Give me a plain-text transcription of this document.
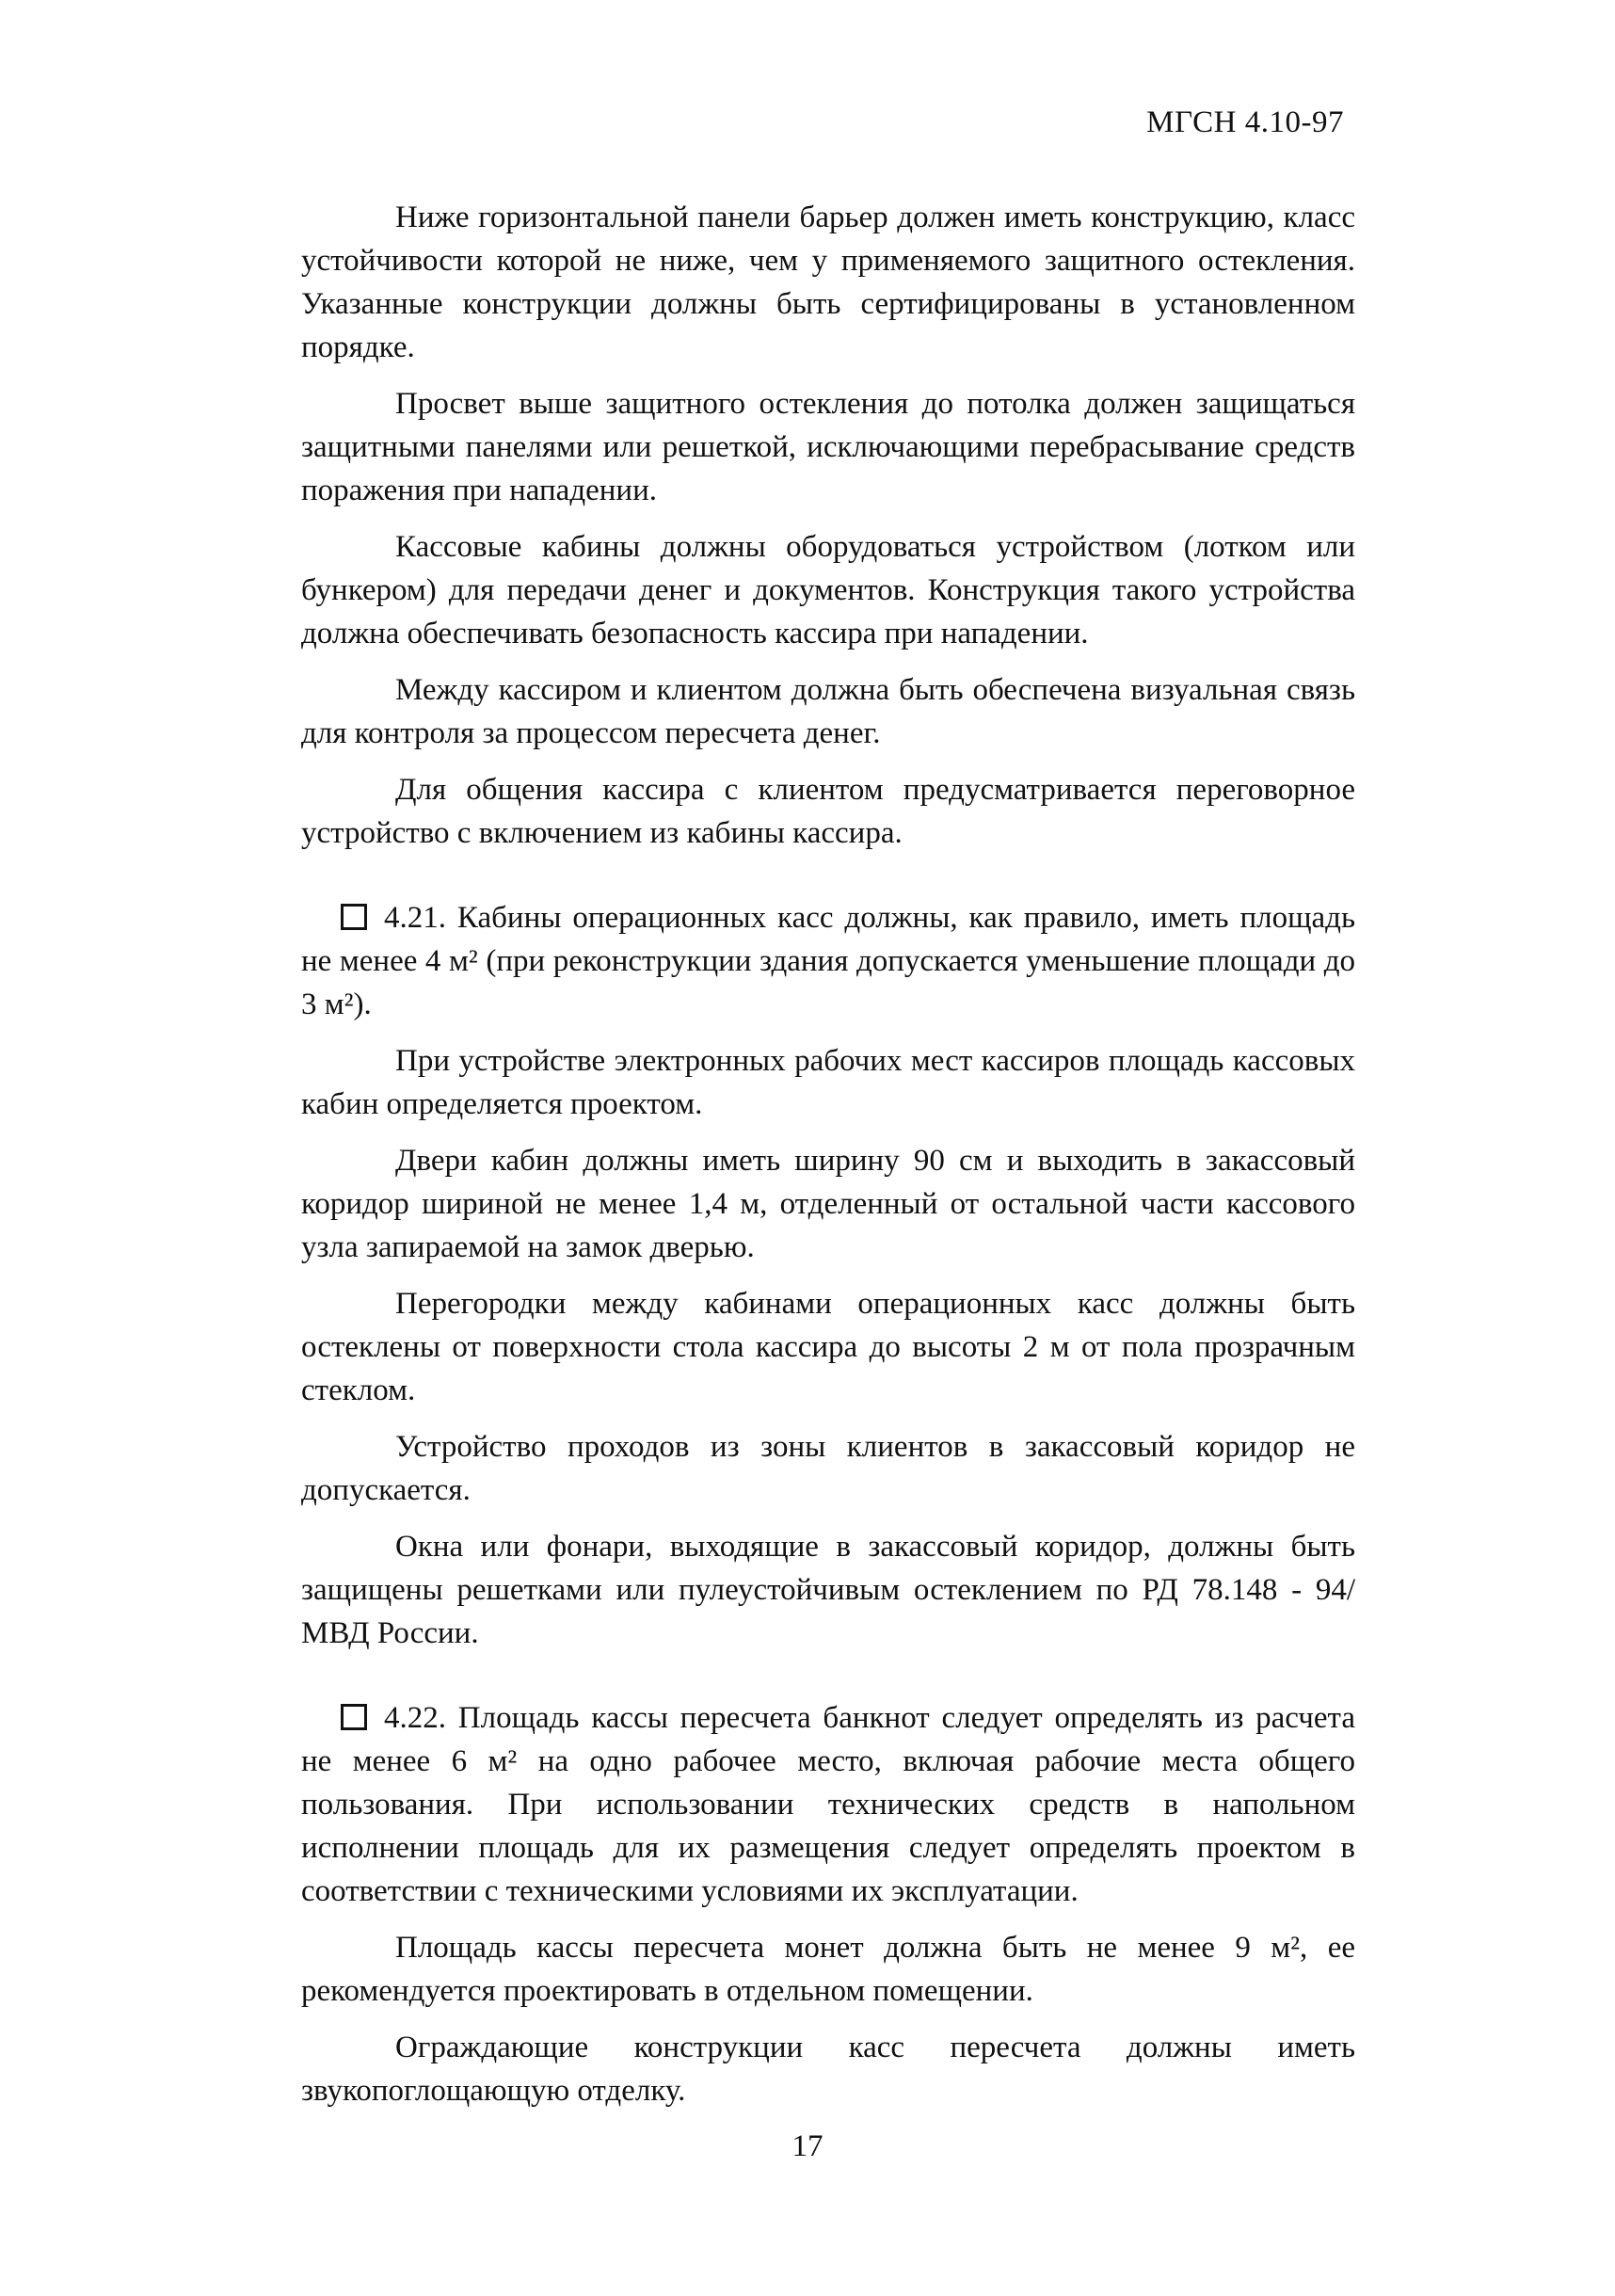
МГСН 4.10-97

Ниже горизонтальной панели барьер должен иметь конструкцию, класс устойчивости которой не ниже, чем у применяемого защитного остекления. Указанные конструкции должны быть сертифицированы в установленном порядке.

Просвет выше защитного остекления до потолка должен защищаться защитными панелями или решеткой, исключающими перебрасывание средств поражения при нападении.

Кассовые кабины должны оборудоваться устройством (лотком или бункером) для передачи денег и документов. Конструкция такого устройства должна обеспечивать безопасность кассира при нападении.

Между кассиром и клиентом должна быть обеспечена визуальная связь для контроля за процессом пересчета денег.

Для общения кассира с клиентом предусматривается переговорное устройство с включением из кабины кассира.

4.21. Кабины операционных касс должны, как правило, иметь площадь не менее 4 м² (при реконструкции здания допускается уменьшение площади до 3 м²).

При устройстве электронных рабочих мест кассиров площадь кассовых кабин определяется проектом.

Двери кабин должны иметь ширину 90 см и выходить в закассовый коридор шириной не менее 1,4 м, отделенный от остальной части кассового узла запираемой на замок дверью.

Перегородки между кабинами операционных касс должны быть остеклены от поверхности стола кассира до высоты 2 м от пола прозрачным стеклом.

Устройство проходов из зоны клиентов в закассовый коридор не допускается.

Окна или фонари, выходящие в закассовый коридор, должны быть защищены решетками или пулеустойчивым остеклением по РД 78.148 - 94/МВД России.

4.22. Площадь кассы пересчета банкнот следует определять из расчета не менее 6 м² на одно рабочее место, включая рабочие места общего пользования. При использовании технических средств в напольном исполнении площадь для их размещения следует определять проектом в соответствии с техническими условиями их эксплуатации.

Площадь кассы пересчета монет должна быть не менее 9 м², ее рекомендуется проектировать в отдельном помещении.

Ограждающие конструкции касс пересчета должны иметь звукопоглощающую отделку.

17
